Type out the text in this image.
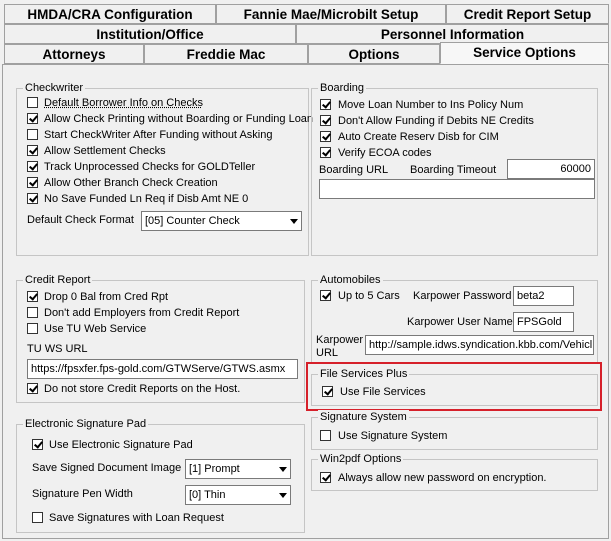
HMDA/CRA Configuration	Fannie Mae/Microbilt Setup	Credit Report Setup
Institution/Office	Personnel Information
Attorneys	Freddie Mac	Options	Service Options
Checkwriter
Default Borrower Info on Checks
Allow Check Printing without Boarding or Funding Loan
Start CheckWriter After Funding without Asking
Allow Settlement Checks
Track Unprocessed Checks for GOLDTeller
Allow Other Branch Check Creation
No Save Funded Ln Req if Disb Amt NE 0
Default Check Format	[05] Counter Check
Boarding
Move Loan Number to Ins Policy Num
Don't Allow Funding if Debits NE Credits
Auto Create Reserv Disb for CIM
Verify ECOA codes
Boarding URL Boarding Timeout	60000
Credit Report
Drop 0 Bal from Cred Rpt
Don't add Employers from Credit Report
Use TU Web Service
TU WS URL
https://fpsxfer.fps-gold.com/GTWServe/GTWS.asmx
Do not store Credit Reports on the Host.
Automobiles
Up to 5 Cars Karpower Password beta2
Karpower User Name FPSGold
Karpower
URL
http://sample.idws.syndication.kbb.com/Vehicl
File Services Plus
Use File Services
Signature System
Use Signature System
Win2pdf Options
Always allow new password on encryption.
Electronic Signature Pad
Use Electronic Signature Pad
Save Signed Document Image [1] Prompt
Signature Pen Width	[0] Thin
Save Signatures with Loan Request
